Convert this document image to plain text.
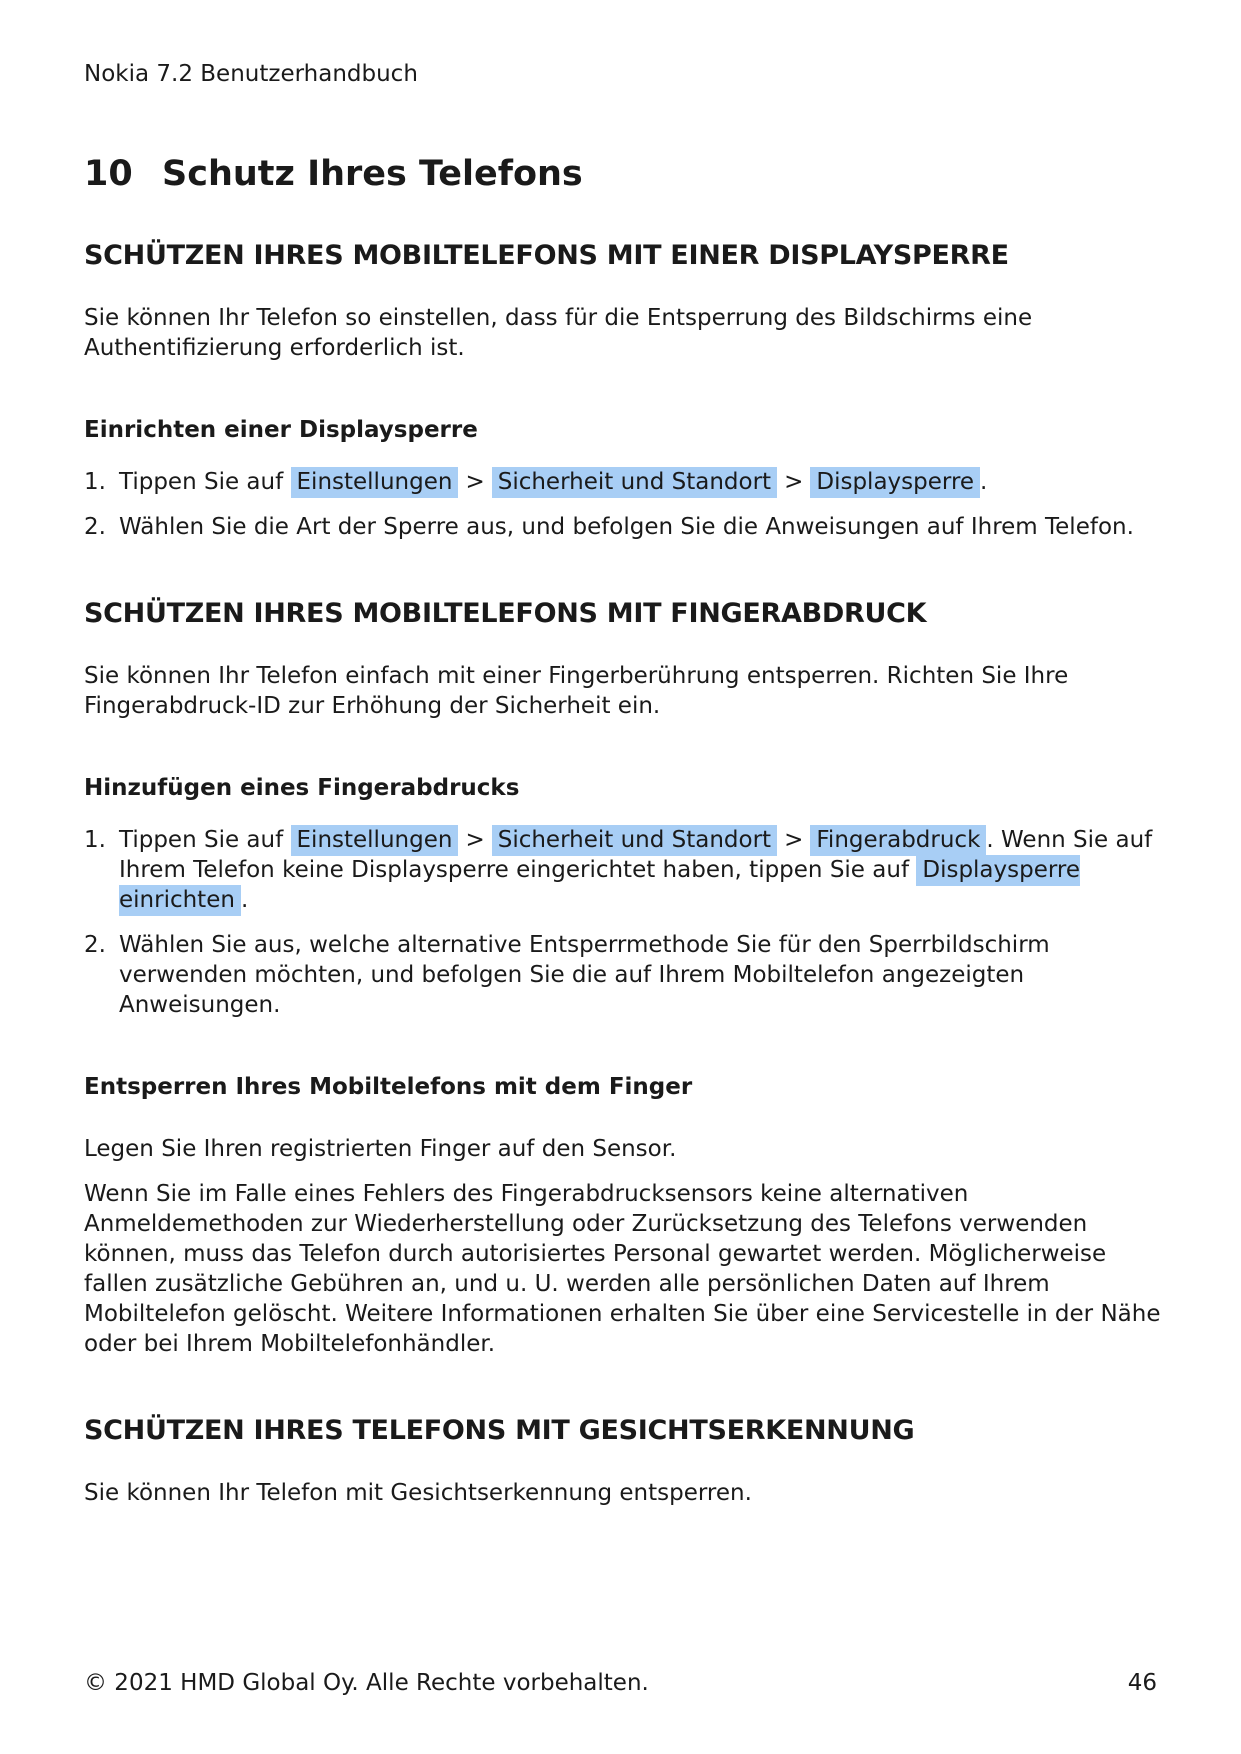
Nokia 7.2 Benutzerhandbuch
10 Schutz Ihres Telefons
SCHÜTZEN IHRES MOBILTELEFONS MIT EINER DISPLAYSPERRE

Sie können Ihr Telefon so einstellen, dass für die Entsperrung des Bildschirms eine Authentifizierung erforderlich ist.

Einrichten einer Displaysperre
1. Tippen Sie auf Einstellungen > Sicherheit und Standort > Displaysperre .
2. Wählen Sie die Art der Sperre aus, und befolgen Sie die Anweisungen auf Ihrem Telefon.
SCHÜTZEN IHRES MOBILTELEFONS MIT FINGERABDRUCK

Sie können Ihr Telefon einfach mit einer Fingerberührung entsperren. Richten Sie Ihre Fingerabdruck-ID zur Erhöhung der Sicherheit ein.

Hinzufügen eines Fingerabdrucks
1. Tippen Sie auf Einstellungen > Sicherheit und Standort > Fingerabdruck . Wenn Sie auf Ihrem Telefon keine Displaysperre eingerichtet haben, tippen Sie auf Displaysperre einrichten .
2. Wählen Sie aus, welche alternative Entsperrmethode Sie für den Sperrbildschirm verwenden möchten, und befolgen Sie die auf Ihrem Mobiltelefon angezeigten Anweisungen.
Entsperren Ihres Mobiltelefons mit dem Finger

Legen Sie Ihren registrierten Finger auf den Sensor.

Wenn Sie im Falle eines Fehlers des Fingerabdrucksensors keine alternativen Anmeldemethoden zur Wiederherstellung oder Zurücksetzung des Telefons verwenden können, muss das Telefon durch autorisiertes Personal gewartet werden. Möglicherweise fallen zusätzliche Gebühren an, und u. U. werden alle persönlichen Daten auf Ihrem Mobiltelefon gelöscht. Weitere Informationen erhalten Sie über eine Servicestelle in der Nähe oder bei Ihrem Mobiltelefonhändler.

SCHÜTZEN IHRES TELEFONS MIT GESICHTSERKENNUNG

Sie können Ihr Telefon mit Gesichtserkennung entsperren.

© 2021 HMD Global Oy. Alle Rechte vorbehalten.	46
